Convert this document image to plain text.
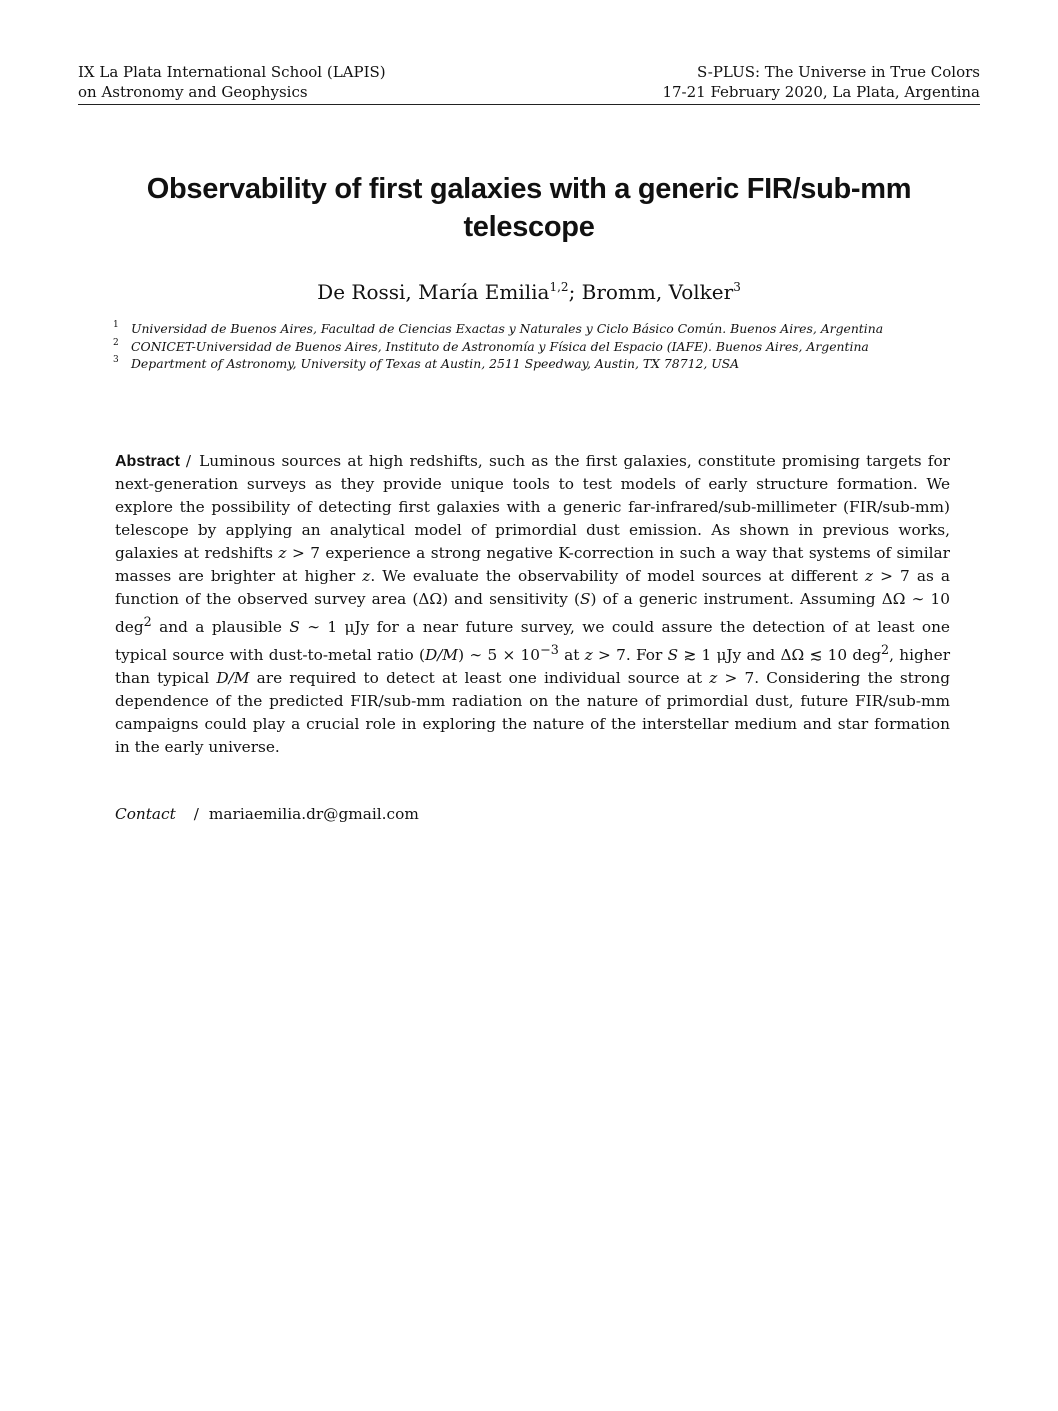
IX La Plata International School (LAPIS)
on Astronomy and Geophysics
S-PLUS: The Universe in True Colors
17-21 February 2020, La Plata, Argentina
Observability of first galaxies with a generic FIR/sub-mm telescope
De Rossi, María Emilia$^{1,2}$; Bromm, Volker$^3$
1 Universidad de Buenos Aires, Facultad de Ciencias Exactas y Naturales y Ciclo Básico Común. Buenos Aires, Argentina
2 CONICET-Universidad de Buenos Aires, Instituto de Astronomía y Física del Espacio (IAFE). Buenos Aires, Argentina
3 Department of Astronomy, University of Texas at Austin, 2511 Speedway, Austin, TX 78712, USA
Abstract / Luminous sources at high redshifts, such as the first galaxies, constitute promising targets for next-generation surveys as they provide unique tools to test models of early structure formation. We explore the possibility of detecting first galaxies with a generic far-infrared/sub-millimeter (FIR/sub-mm) telescope by applying an analytical model of primordial dust emission. As shown in previous works, galaxies at redshifts z > 7 experience a strong negative K-correction in such a way that systems of similar masses are brighter at higher z. We evaluate the observability of model sources at different z > 7 as a function of the observed survey area (ΔΩ) and sensitivity (S) of a generic instrument. Assuming ΔΩ ∼ 10 deg$^2$ and a plausible S ∼ 1 μJy for a near future survey, we could assure the detection of at least one typical source with dust-to-metal ratio (D/M) ∼ $5 \times 10^{-3}$ at z > 7. For S ≳ 1 μJy and ΔΩ ≲ 10 deg$^2$, higher than typical D/M are required to detect at least one individual source at z > 7. Considering the strong dependence of the predicted FIR/sub-mm radiation on the nature of primordial dust, future FIR/sub-mm campaigns could play a crucial role in exploring the nature of the interstellar medium and star formation in the early universe.
Contact / mariaemilia.dr@gmail.com
